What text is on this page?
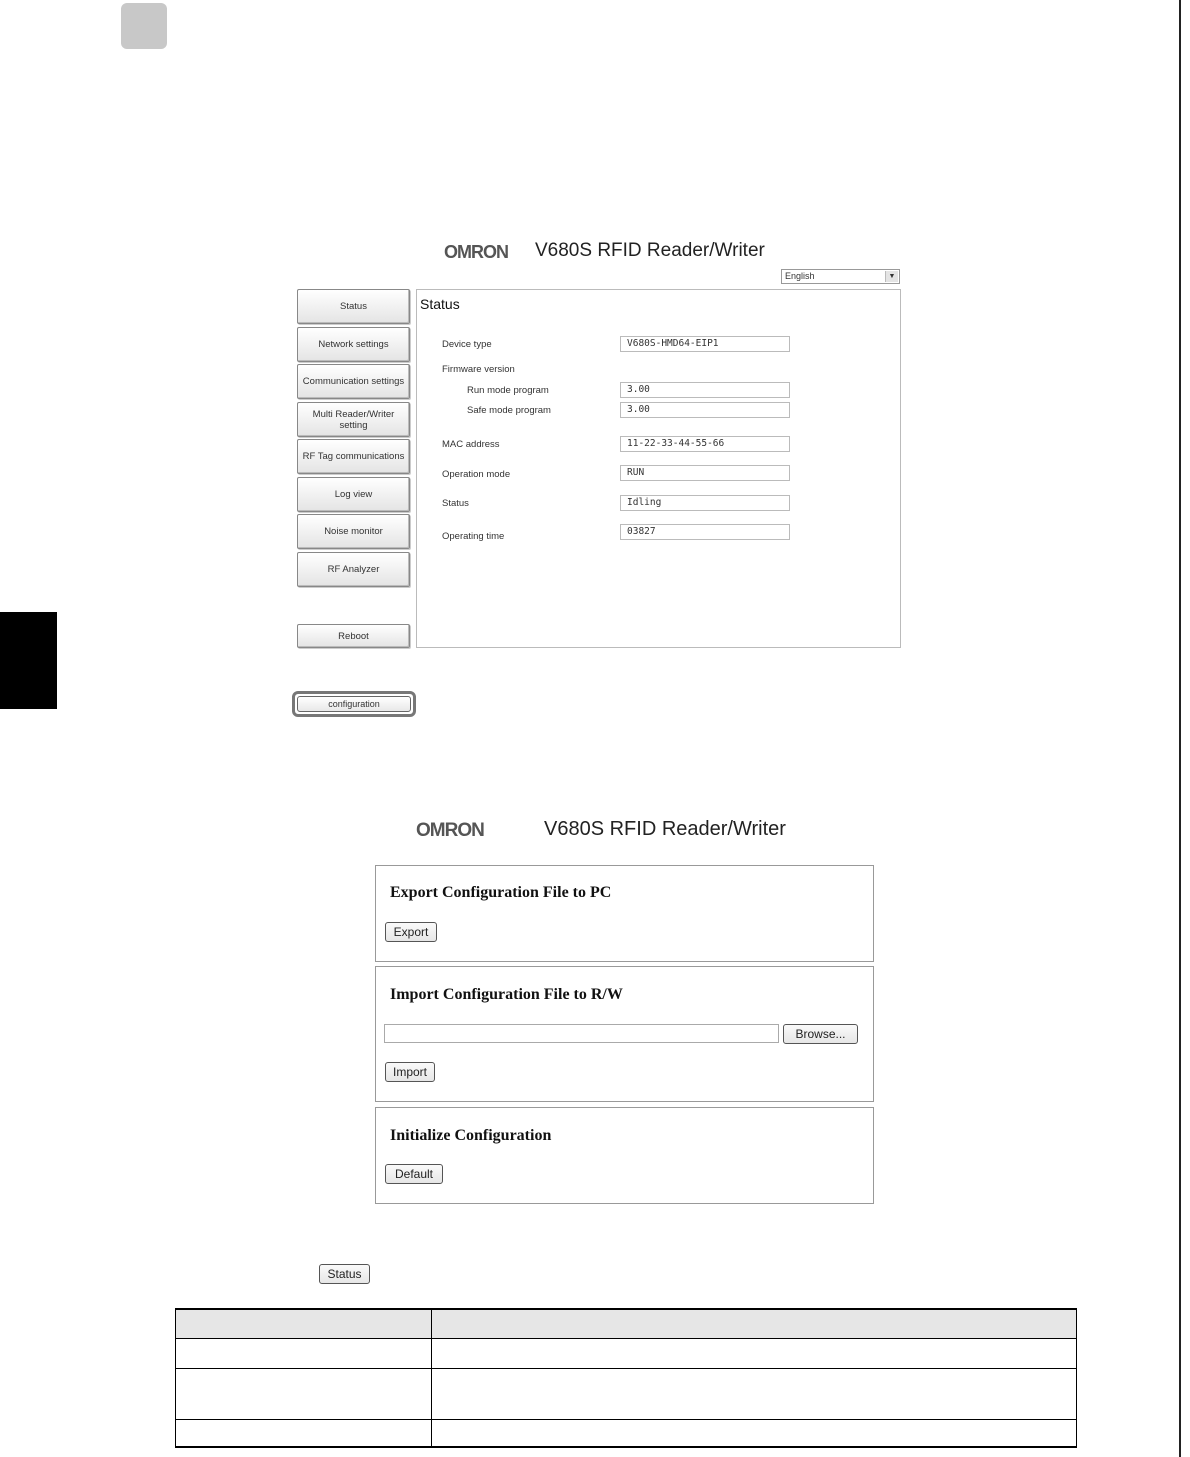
OMRON V680S RFID Reader/Writer
English	▼
Status
Network settings
Communication settings
Multi Reader/Writer setting
RF Tag communications
Log view
Noise monitor
RF Analyzer
Reboot
Status
Device type	V680S-HMD64-EIP1
Firmware version
Run mode program	3.00
Safe mode program	3.00
MAC address	11-22-33-44-55-66
Operation mode	RUN
Status	Idling
Operating time	03827
configuration
OMRON	V680S RFID Reader/Writer
Export Configuration File to PC
Export
Import Configuration File to R/W
Browse...
Import
Initialize Configuration
Default
Status
